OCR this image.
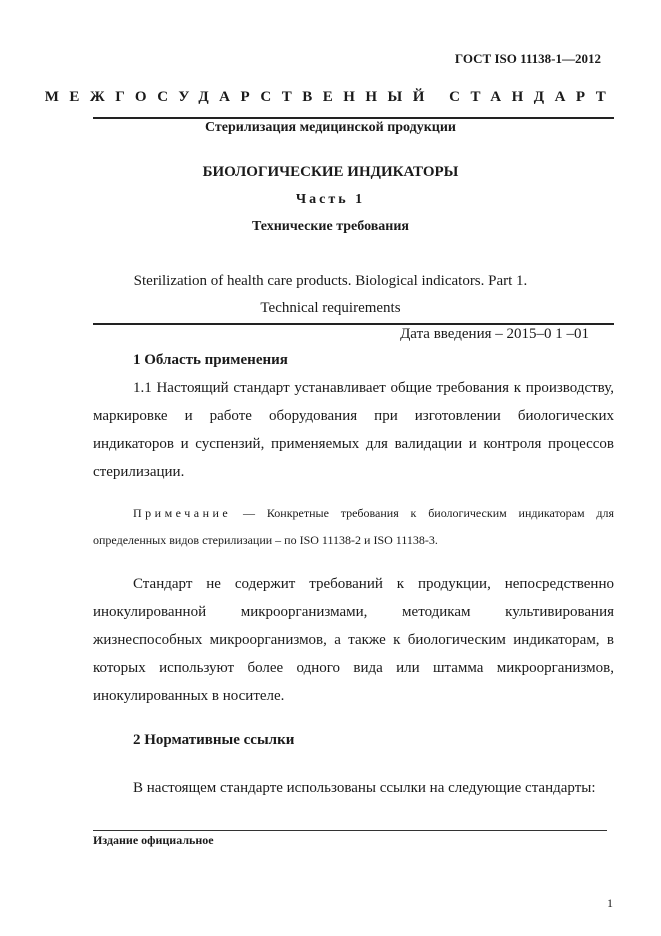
ГОСТ ISO 11138-1—2012
МЕЖГОСУДАРСТВЕННЫЙ СТАНДАРТ
Стерилизация медицинской продукции
БИОЛОГИЧЕСКИЕ ИНДИКАТОРЫ
Часть 1
Технические требования
Sterilization of health care products. Biological indicators. Part 1.
Technical requirements
Дата введения – 2015–0 1 –01
1 Область применения
1.1 Настоящий стандарт устанавливает общие требования к производству, маркировке и работе оборудования при изготовлении биологических индикаторов и суспензий, применяемых для валидации и контроля процессов стерилизации.
Примечание –– Конкретные требования к биологическим индикаторам для определенных видов стерилизации – по ISO 11138-2 и ISO 11138-3.
Стандарт не содержит требований к продукции, непосредственно инокулированной микроорганизмами, методикам культивирования жизнеспособных микроорганизмов, а также к биологическим индикаторам, в которых используют более одного вида или штамма микроорганизмов, инокулированных в носителе.
2 Нормативные ссылки
В настоящем стандарте использованы ссылки на следующие стандарты:
Издание официальное
1
